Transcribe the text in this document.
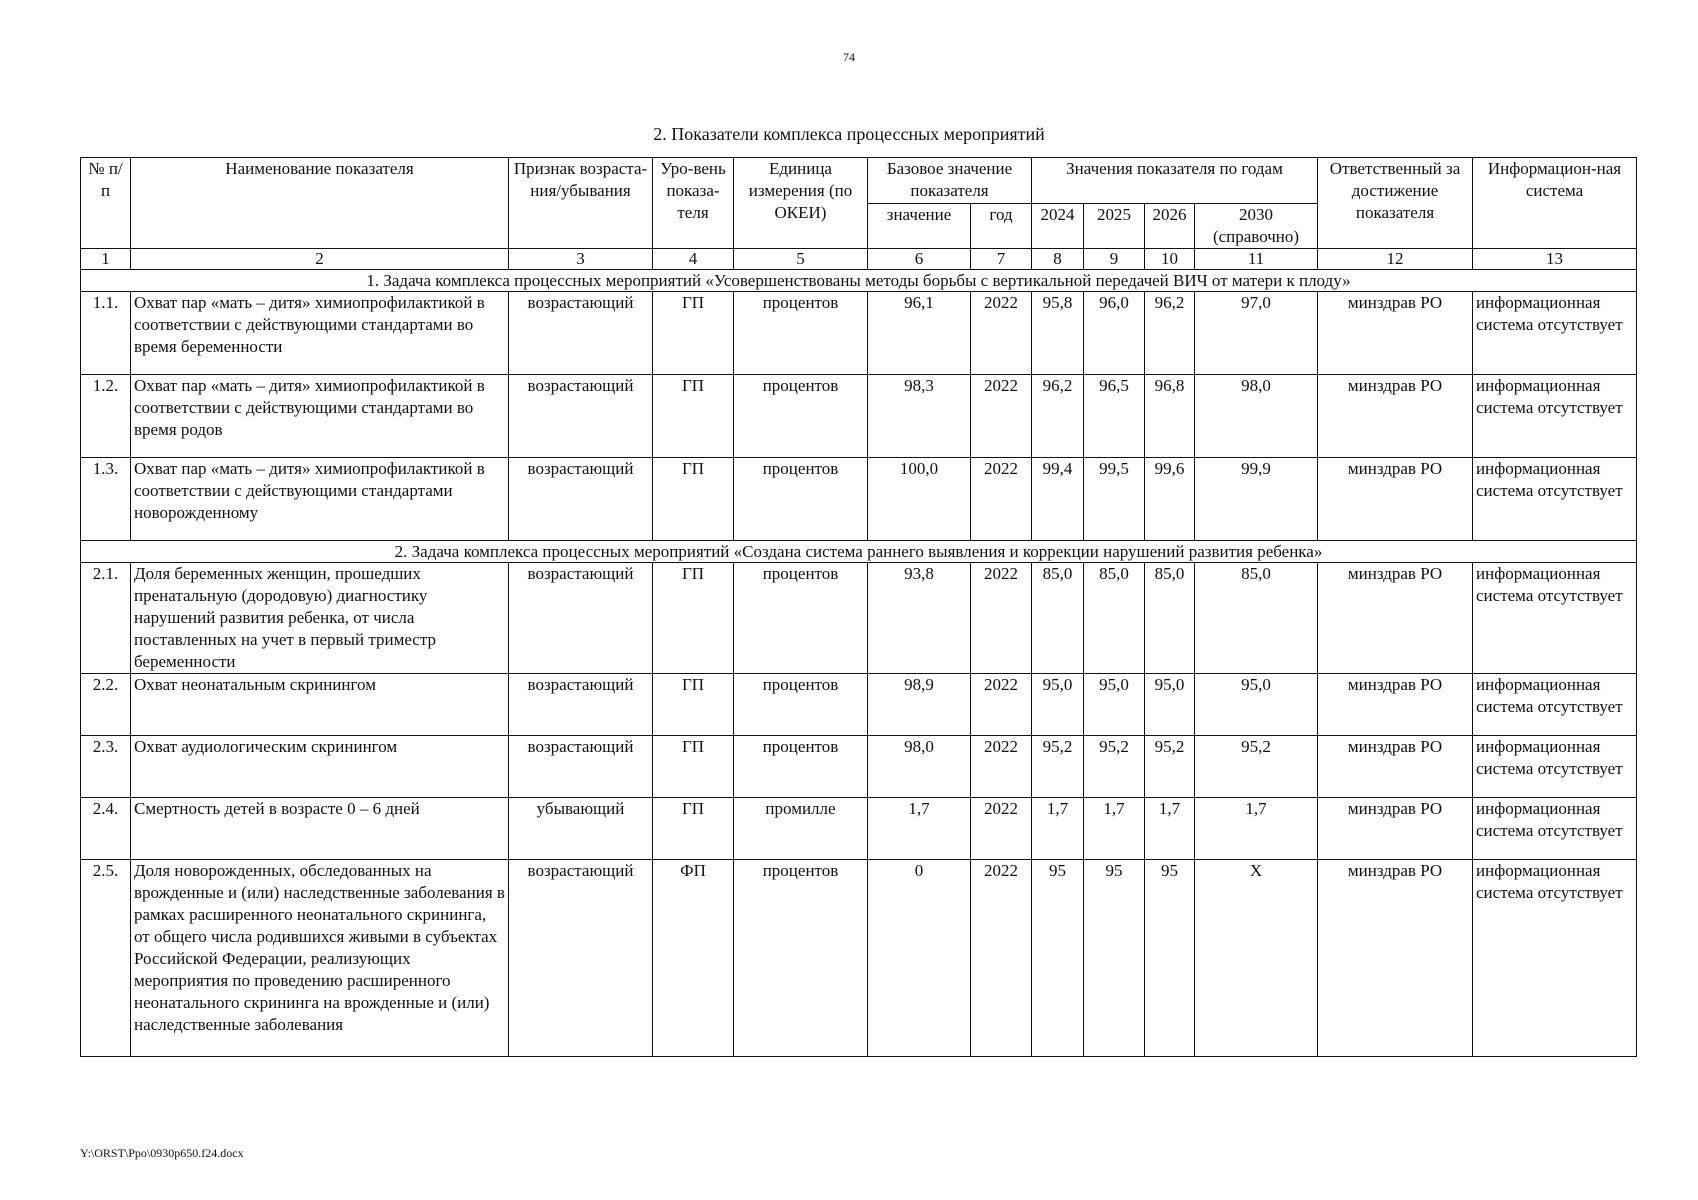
74
2. Показатели комплекса процессных мероприятий
№ п/п	Наименование показателя	Признак возраста-ния/убывания	Уро-вень показа-теля	Единица измерения (по ОКЕИ)	Базовое значение показателя		Значения показателя по годам				Ответственный за достижение показателя	Информацион-ная система
					значение	год	2024	2025	2026	2030 (справочно)		
1	2	3	4	5	6	7	8	9	10	11	12	13
1. Задача комплекса процессных мероприятий «Усовершенствованы методы борьбы с вертикальной передачей ВИЧ от матери к плоду»												
1.1.	Охват пар «мать – дитя» химиопрофилактикой в соответствии с действующими стандартами во время беременности	возрастающий	ГП	процентов	96,1	2022	95,8	96,0	96,2	97,0	минздрав РО	информационная система отсутствует
1.2.	Охват пар «мать – дитя» химиопрофилактикой в соответствии с действующими стандартами во время родов	возрастающий	ГП	процентов	98,3	2022	96,2	96,5	96,8	98,0	минздрав РО	информационная система отсутствует
1.3.	Охват пар «мать – дитя» химиопрофилактикой в соответствии с действующими стандартами новорожденному	возрастающий	ГП	процентов	100,0	2022	99,4	99,5	99,6	99,9	минздрав РО	информационная система отсутствует
2. Задача комплекса процессных мероприятий «Создана система раннего выявления и коррекции нарушений развития ребенка»												
2.1.	Доля беременных женщин, прошедших пренатальную (дородовую) диагностику нарушений развития ребенка, от числа поставленных на учет в первый триместр беременности	возрастающий	ГП	процентов	93,8	2022	85,0	85,0	85,0	85,0	минздрав РО	информационная система отсутствует
2.2.	Охват неонатальным скринингом	возрастающий	ГП	процентов	98,9	2022	95,0	95,0	95,0	95,0	минздрав РО	информационная система отсутствует
2.3.	Охват аудиологическим скринингом	возрастающий	ГП	процентов	98,0	2022	95,2	95,2	95,2	95,2	минздрав РО	информационная система отсутствует
2.4.	Смертность детей в возрасте 0 – 6 дней	убывающий	ГП	промилле	1,7	2022	1,7	1,7	1,7	1,7	минздрав РО	информационная система отсутствует
2.5.	Доля новорожденных, обследованных на врожденные и (или) наследственные заболевания в рамках расширенного неонатального скрининга, от общего числа родившихся живыми в субъектах Российской Федерации, реализующих мероприятия по проведению расширенного неонатального скрининга на врожденные и (или) наследственные заболевания	возрастающий	ФП	процентов	0	2022	95	95	95	Х	минздрав РО	информационная система отсутствует
Y:\ORST\Ppo\0930p650.f24.docx
